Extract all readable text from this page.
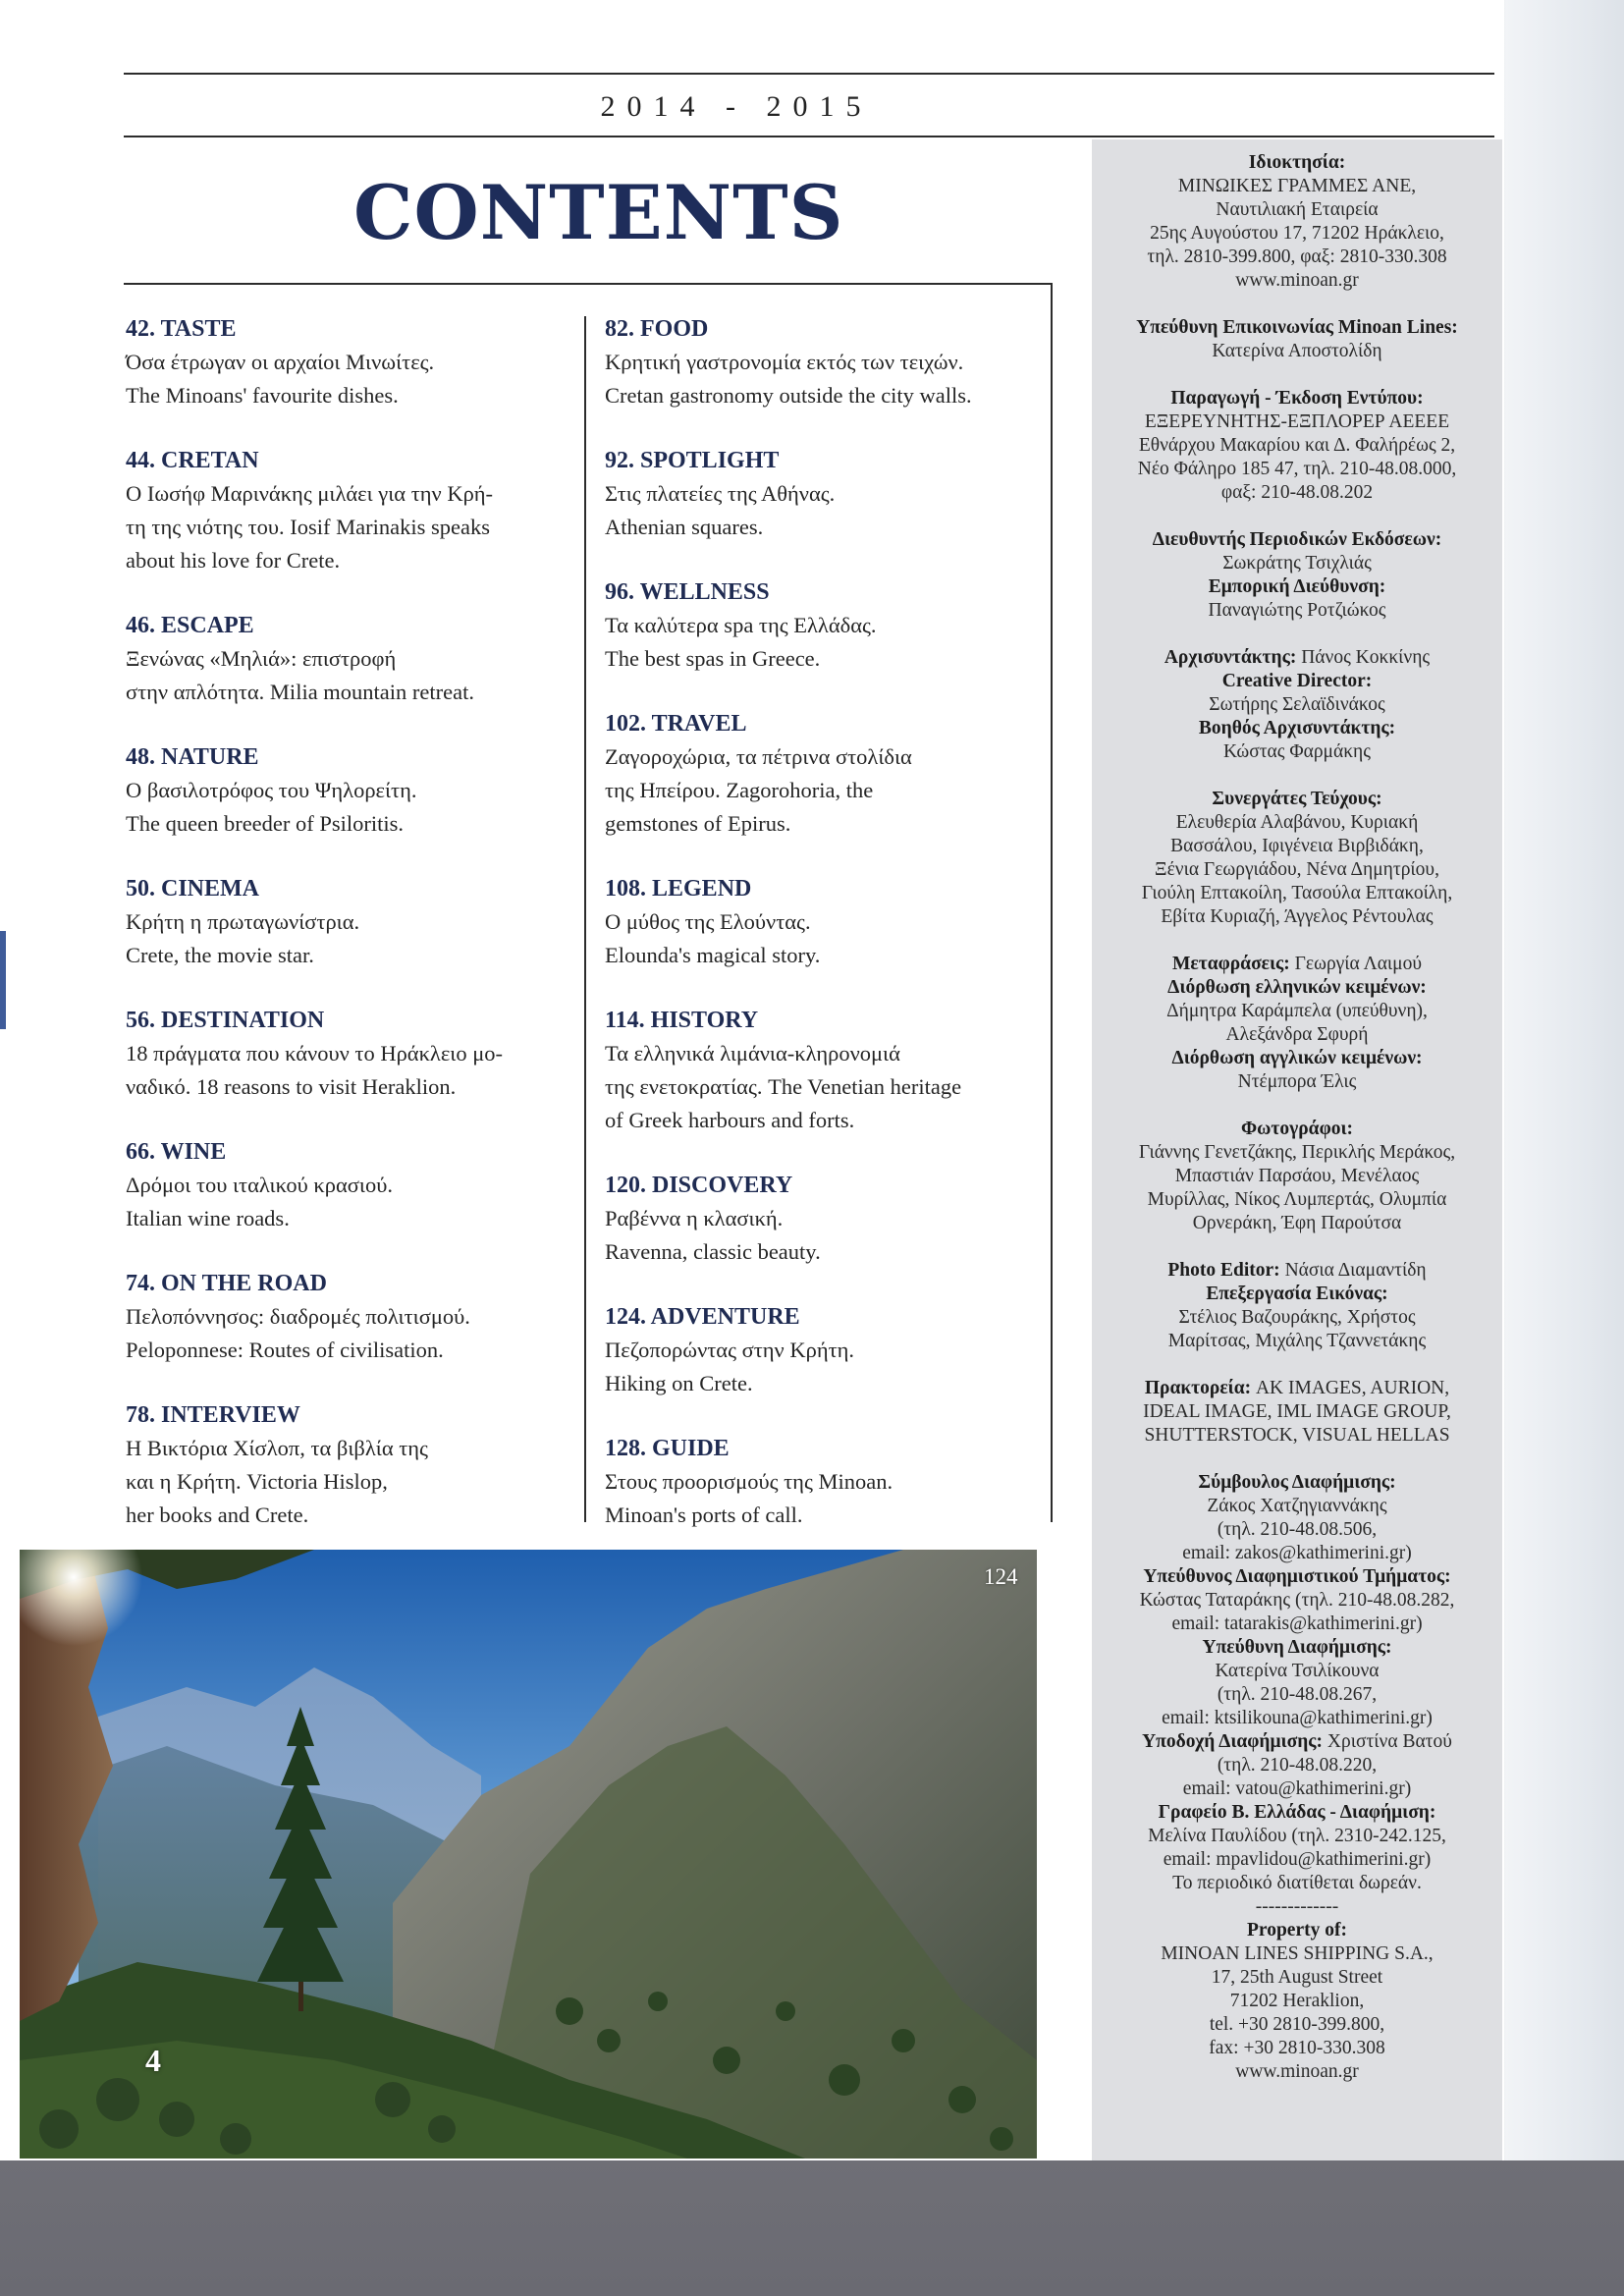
2014 - 2015
CONTENTS
42. TASTE
Όσα έτρωγαν οι αρχαίοι Μινωίτες.
The Minoans' favourite dishes.
44. CRETAN
Ο Ιωσήφ Μαρινάκης μιλάει για την Κρή-
τη της νιότης του. Iosif Marinakis speaks
about his love for Crete.
46. ESCAPE
Ξενώνας «Μηλιά»: επιστροφή
στην απλότητα. Milia mountain retreat.
48. NATURE
Ο βασιλοτρόφος του Ψηλορείτη.
The queen breeder of Psiloritis.
50. CINEMA
Κρήτη η πρωταγωνίστρια.
Crete, the movie star.
56. DESTINATION
18 πράγματα που κάνουν το Ηράκλειο μο-
ναδικό. 18 reasons to visit Heraklion.
66. WINE
Δρόμοι του ιταλικού κρασιού.
Italian wine roads.
74. ON THE ROAD
Πελοπόννησος: διαδρομές πολιτισμού.
Peloponnese: Routes of civilisation.
78. INTERVIEW
Η Βικτόρια Χίσλοπ, τα βιβλία της
και η Κρήτη. Victoria Hislop,
her books and Crete.
82. FOOD
Κρητική γαστρονομία εκτός των τειχών.
Cretan gastronomy outside the city walls.
92. SPOTLIGHT
Στις πλατείες της Αθήνας.
Athenian squares.
96. WELLNESS
Τα καλύτερα spa της Ελλάδας.
The best spas in Greece.
102. TRAVEL
Ζαγοροχώρια, τα πέτρινα στολίδια
της Ηπείρου. Zagorohoria, the
gemstones of Epirus.
108. LEGEND
Ο μύθος της Ελούντας.
Elounda's magical story.
114. HISTORY
Τα ελληνικά λιμάνια-κληρονομιά
της ενετοκρατίας. The Venetian heritage
of Greek harbours and forts.
120. DISCOVERY
Ραβέννα η κλασική.
Ravenna, classic beauty.
124. ADVENTURE
Πεζοπορώντας στην Κρήτη.
Hiking on Crete.
128. GUIDE
Στους προορισμούς της Minoan.
Minoan's ports of call.
Ιδιοκτησία:
ΜΙΝΩΙΚΕΣ ΓΡΑΜΜΕΣ ΑΝΕ,
Ναυτιλιακή Εταιρεία
25ης Αυγούστου 17, 71202 Ηράκλειο,
τηλ. 2810-399.800, φαξ: 2810-330.308
www.minoan.gr
Υπεύθυνη Επικοινωνίας Minoan Lines:
Κατερίνα Αποστολίδη
Παραγωγή - Έκδοση Εντύπου:
ΕΞΕΡΕΥΝΗΤΗΣ-ΕΞΠΛΟΡΕΡ ΑΕΕΕΕ
Εθνάρχου Μακαρίου και Δ. Φαλήρέως 2,
Νέο Φάληρο 185 47, τηλ. 210-48.08.000,
φαξ: 210-48.08.202
Διευθυντής Περιοδικών Εκδόσεων:
Σωκράτης Τσιχλιάς
Εμπορική Διεύθυνση:
Παναγιώτης Ροτζιώκος
Αρχισυντάκτης: Πάνος Κοκκίνης
Creative Director:
Σωτήρης Σελαϊδινάκος
Βοηθός Αρχισυντάκτης:
Κώστας Φαρμάκης
Συνεργάτες Τεύχους:
Ελευθερία Αλαβάνου, Κυριακή
Βασσάλου, Ιφιγένεια Βιρβιδάκη,
Ξένια Γεωργιάδου, Νένα Δημητρίου,
Γιούλη Επτακοίλη, Τασούλα Επτακοίλη,
Εβίτα Κυριαζή, Άγγελος Ρέντουλας
Μεταφράσεις: Γεωργία Λαιμού
Διόρθωση ελληνικών κειμένων:
Δήμητρα Καράμπελα (υπεύθυνη),
Αλεξάνδρα Σφυρή
Διόρθωση αγγλικών κειμένων:
Ντέμπορα Έλις
Φωτογράφοι:
Γιάννης Γενετζάκης, Περικλής Μεράκος,
Μπαστιάν Παρσάου, Μενέλαος
Μυρίλλας, Νίκος Λυμπερτάς, Ολυμπία
Ορνεράκη, Έφη Παρούτσα
Photo Editor: Νάσια Διαμαντίδη
Επεξεργασία Εικόνας:
Στέλιος Βαζουράκης, Χρήστος
Μαρίτσας, Μιχάλης Τζαννετάκης
Πρακτορεία: AK IMAGES, AURION,
IDEAL IMAGE, IML IMAGE GROUP,
SHUTTERSTOCK, VISUAL HELLAS
Σύμβουλος Διαφήμισης:
Ζάκος Χατζηγιαννάκης
(τηλ. 210-48.08.506,
email: zakos@kathimerini.gr)
Υπεύθυνος Διαφημιστικού Τμήματος:
Κώστας Ταταράκης (τηλ. 210-48.08.282,
email: tatarakis@kathimerini.gr)
Υπεύθυνη Διαφήμισης:
Κατερίνα Τσιλίκουνα
(τηλ. 210-48.08.267,
email: ktsilikouna@kathimerini.gr)
Υποδοχή Διαφήμισης: Χριστίνα Βατού
(τηλ. 210-48.08.220,
email: vatou@kathimerini.gr)
Γραφείο Β. Ελλάδας - Διαφήμιση:
Μελίνα Παυλίδου (τηλ. 2310-242.125,
email: mpavlidou@kathimerini.gr)
Το περιοδικό διατίθεται δωρεάν.
-------------
Property of:
MINOAN LINES SHIPPING S.A.,
17, 25th August Street
71202 Heraklion,
tel. +30 2810-399.800,
fax: +30 2810-330.308
www.minoan.gr
124
4
